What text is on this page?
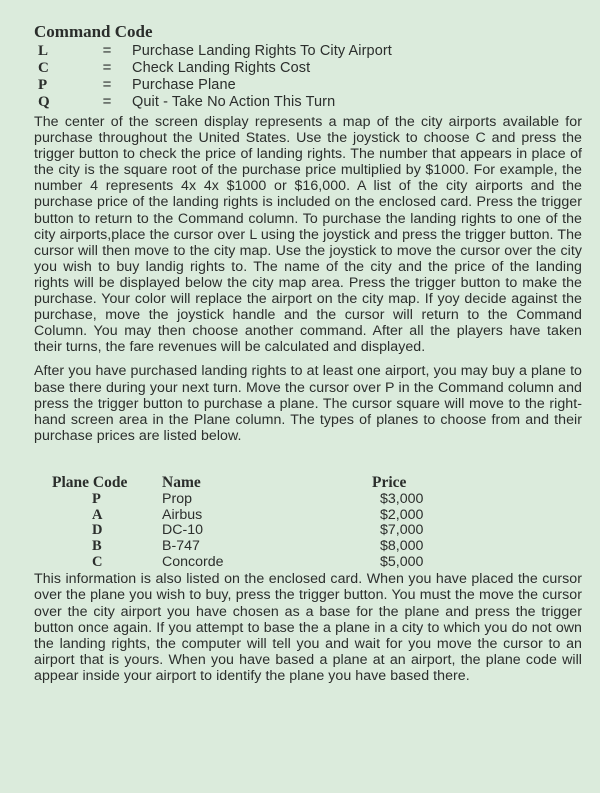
Command Code
L	=	Purchase Landing Rights To City Airport
C	=	Check Landing Rights Cost
P	=	Purchase Plane
Q	=	Quit - Take No Action This Turn

The center of the screen display represents a map of the city airports available for purchase throughout the United States. Use the joystick to choose C and press the trigger button to check the price of landing rights. The number that appears in place of the city is the square root of the purchase price multiplied by $1000. For example, the number 4 represents 4x 4x $1000 or $16,000. A list of the city airports and the purchase price of the landing rights is included on the enclosed card. Press the trigger button to return to the Command column. To purchase the landing rights to one of the city airports,place the cursor over L using the joystick and press the trigger button. The cursor will then move to the city map. Use the joystick to move the cursor over the city you wish to buy landig rights to. The name of the city and the price of the landing rights will be displayed below the city map area. Press the trigger button to make the purchase. Your color will replace the airport on the city map. If yoy decide against the purchase, move the joystick handle and the cursor will return to the Command Column. You may then choose another command. After all the players have taken their turns, the fare revenues will be calculated and displayed.

After you have purchased landing rights to at least one airport, you may buy a plane to base there during your next turn. Move the cursor over P in the Command column and press the trigger button to purchase a plane. The cursor square will move to the right-hand screen area in the Plane column. The types of planes to choose from and their purchase prices are listed below.

Plane Code	Name	Price
P	Prop	$3,000
A	Airbus	$2,000
D	DC-10	$7,000
B	B-747	$8,000
C	Concorde	$5,000

This information is also listed on the enclosed card. When you have placed the cursor over the plane you wish to buy, press the trigger button. You must the move the cursor over the city airport you have chosen as a base for the plane and press the trigger button once again. If you attempt to base the a plane in a city to which you do not own the landing rights, the computer will tell you and wait for you move the cursor to an airport that is yours. When you have based a plane at an airport, the plane code will appear inside your airport to identify the plane you have based there.
